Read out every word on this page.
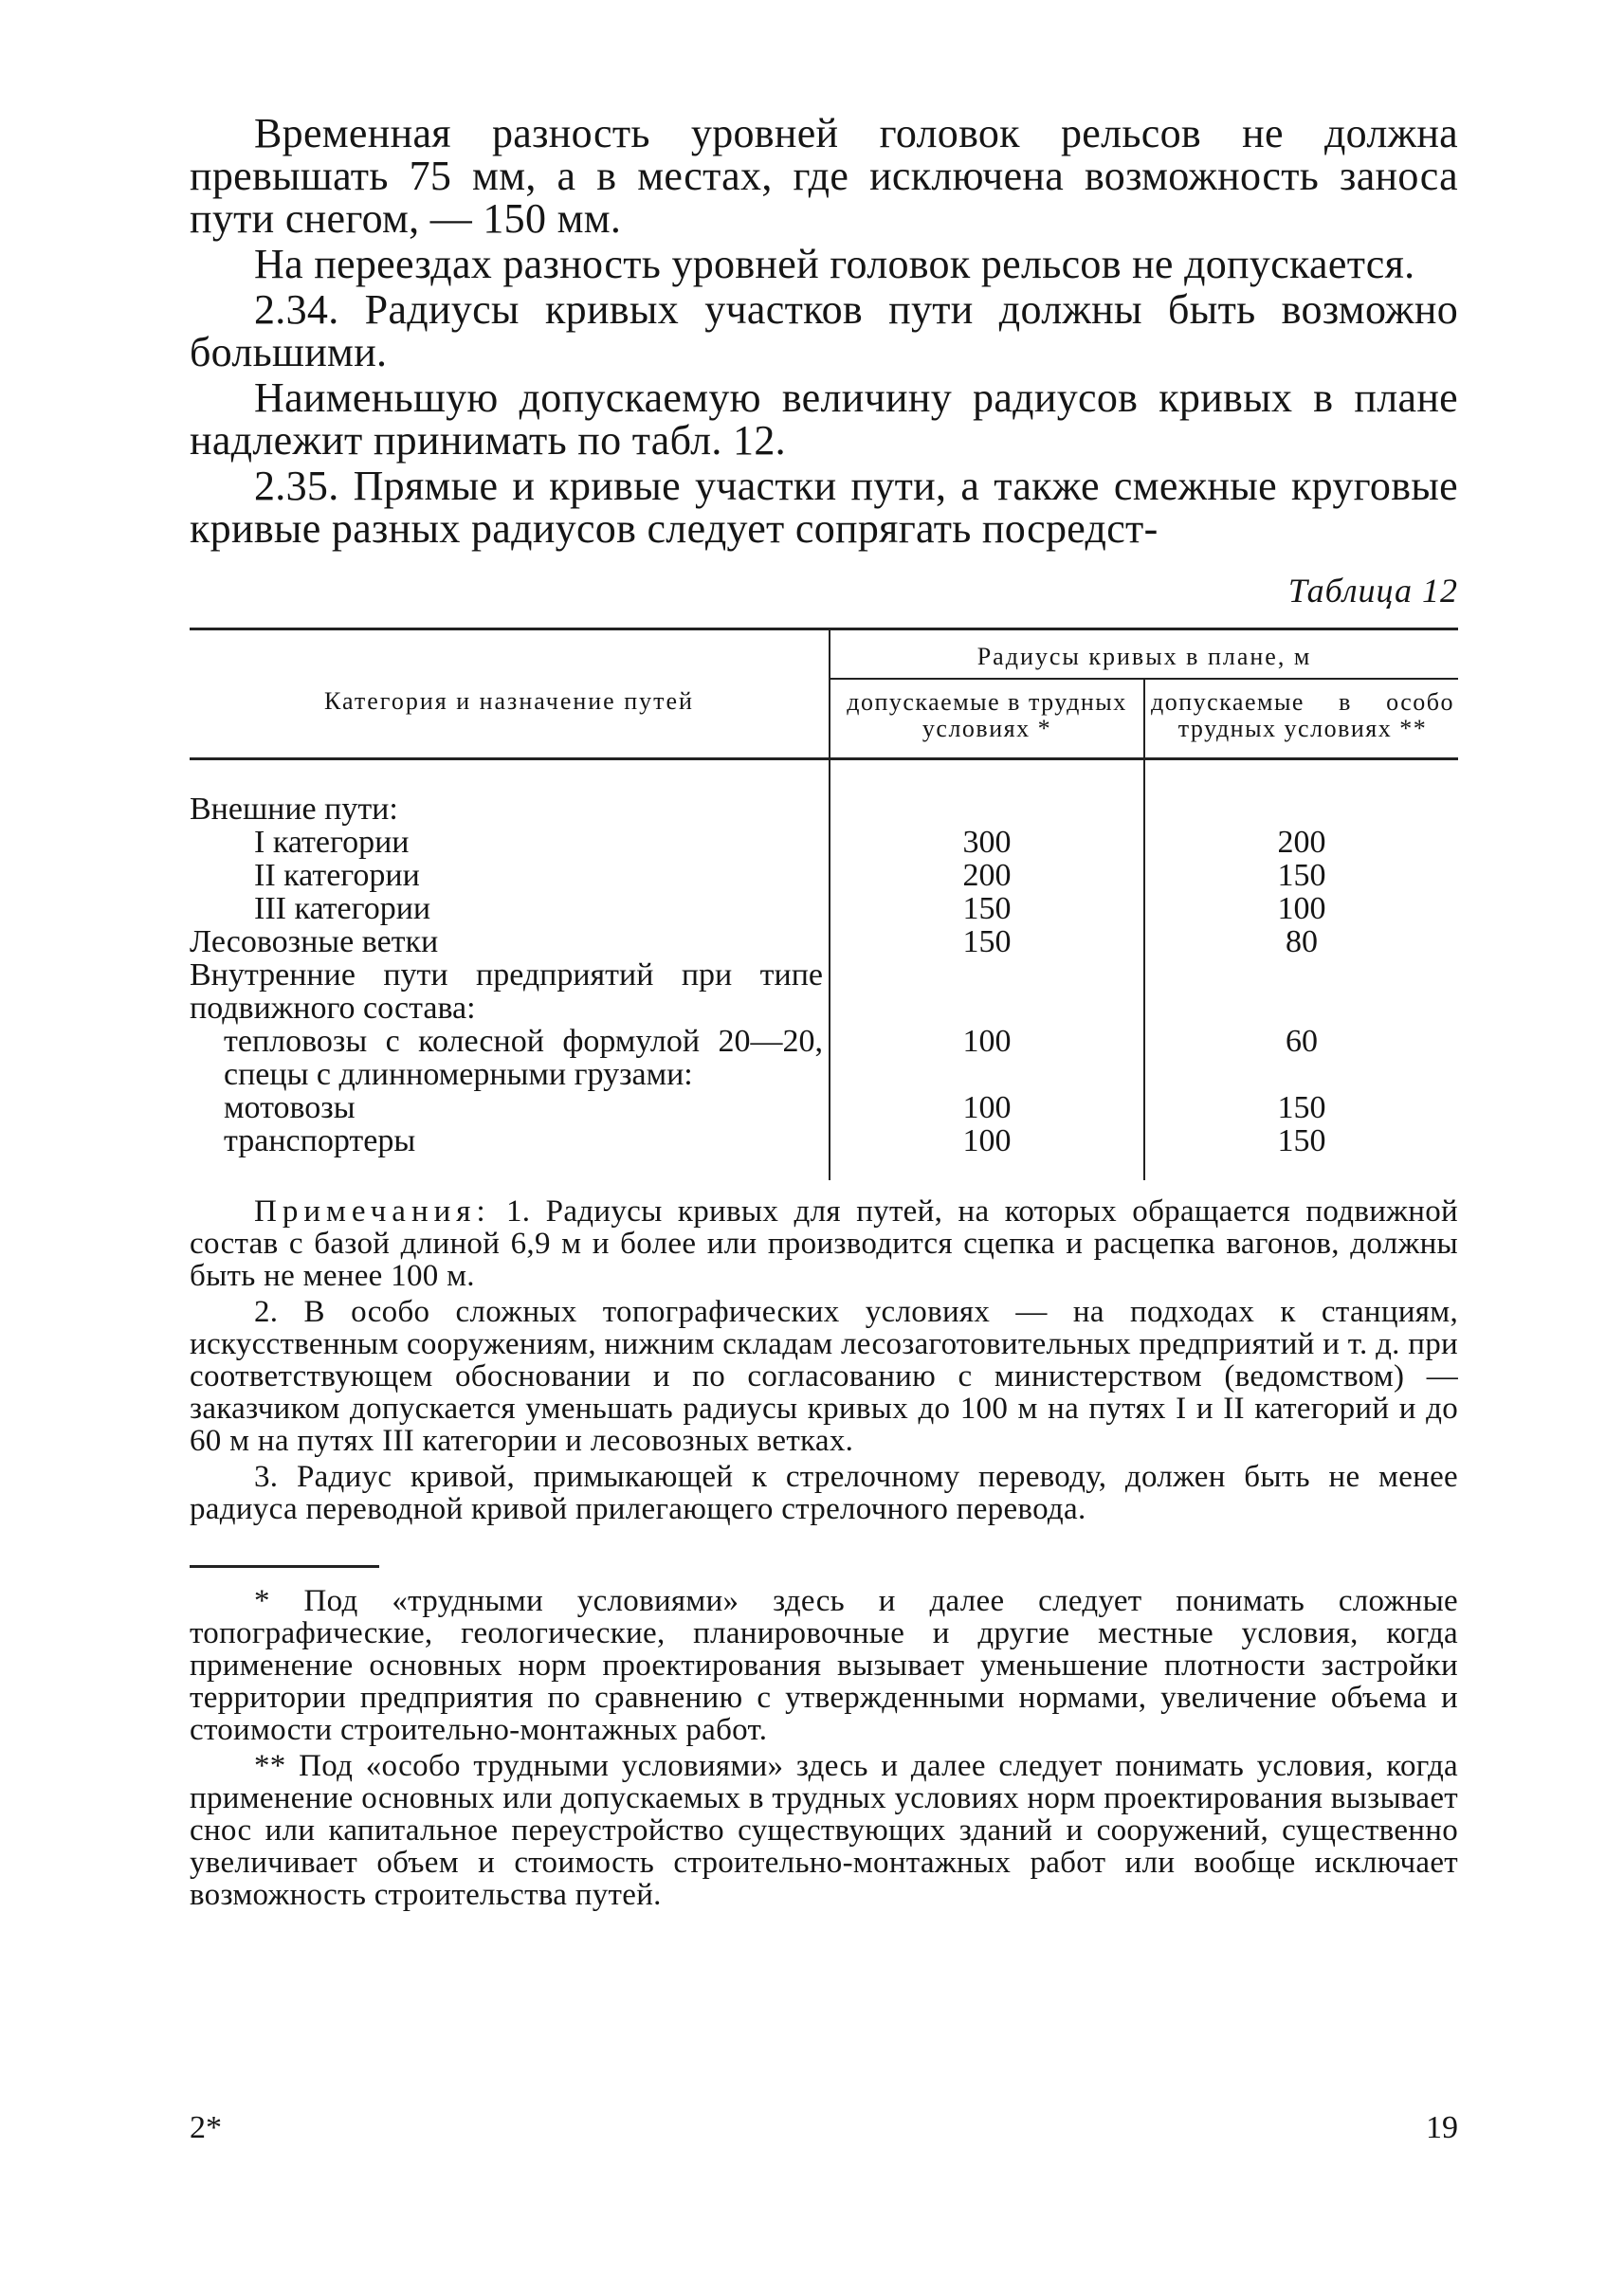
Временная разность уровней головок рельсов не должна превышать 75 мм, а в местах, где исключена возможность заноса пути снегом, — 150 мм.

На переездах разность уровней головок рельсов не допускается.

2.34. Радиусы кривых участков пути должны быть возможно большими.

Наименьшую допускаемую величину радиусов кривых в плане надлежит принимать по табл. 12.

2.35. Прямые и кривые участки пути, а также смежные круговые кривые разных радиусов следует сопрягать посредст-

Таблица 12
Категория и назначение путей	Радиусы кривых в плане, м	
	допускаемые в трудных условиях *	допускаемые в особо трудных условиях **

Внешние пути:		
I категории	300	200
II категории	200	150
III категории	150	100
Лесовозные ветки	150	80
Внутренние пути предприятий при типе подвижного состава:		
тепловозы с колесной формулой 20—20, спецы с длинномерными грузами:	100	60
мотовозы	100	150
транспортеры	100	150

Примечания: 1. Радиусы кривых для путей, на которых обращается подвижной состав с базой длиной 6,9 м и более или производится сцепка и расцепка вагонов, должны быть не менее 100 м.

2. В особо сложных топографических условиях — на подходах к станциям, искусственным сооружениям, нижним складам лесозаготовительных предприятий и т. д. при соответствующем обосновании и по согласованию с министерством (ведомством) — заказчиком допускается уменьшать радиусы кривых до 100 м на путях I и II категорий и до 60 м на путях III категории и лесовозных ветках.

3. Радиус кривой, примыкающей к стрелочному переводу, должен быть не менее радиуса переводной кривой прилегающего стрелочного перевода.

* Под «трудными условиями» здесь и далее следует понимать сложные топографические, геологические, планировочные и другие местные условия, когда применение основных норм проектирования вызывает уменьшение плотности застройки территории предприятия по сравнению с утвержденными нормами, увеличение объема и стоимости строительно-монтажных работ.

** Под «особо трудными условиями» здесь и далее следует понимать условия, когда применение основных или допускаемых в трудных условиях норм проектирования вызывает снос или капитальное переустройство существующих зданий и сооружений, существенно увеличивает объем и стоимость строительно-монтажных работ или вообще исключает возможность строительства путей.

2*	19
